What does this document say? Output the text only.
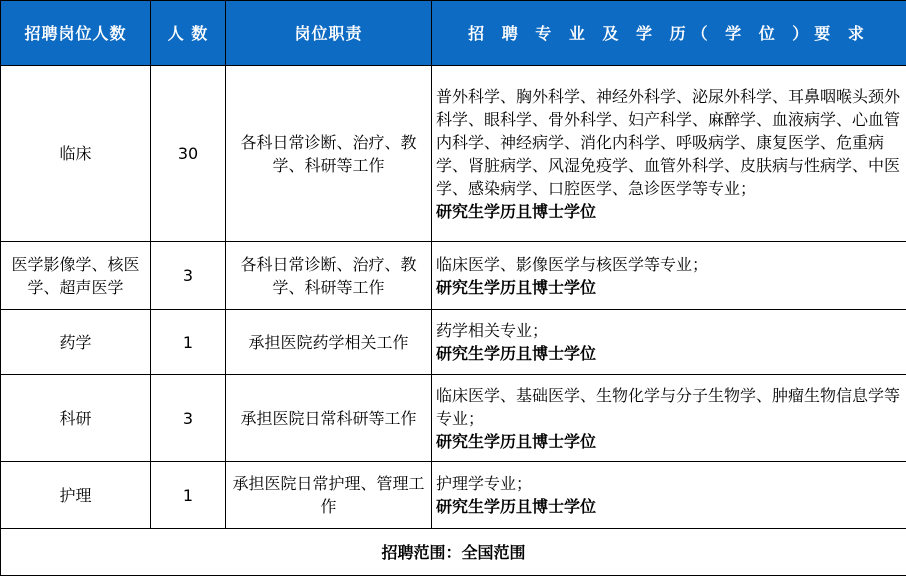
招聘岗位人数	人 数	岗位职责	招 聘 专 业 及 学 历（ 学 位 ）要 求
临床	30	各科日常诊断、治疗、教学、科研等工作	普外科学、胸外科学、神经外科学、泌尿外科学、耳鼻咽喉头颈外科学、眼科学、骨外科学、妇产科学、麻醉学、血液病学、心血管内科学、神经病学、消化内科学、呼吸病学、康复医学、危重病学、肾脏病学、风湿免疫学、血管外科学、皮肤病与性病学、中医学、感染病学、口腔医学、急诊医学等专业；
研究生学历且博士学位

医学影像学、核医学、超声医学	3	各科日常诊断、治疗、教学、科研等工作	临床医学、影像医学与核医学等专业；
研究生学历且博士学位

药学	1	承担医院药学相关工作	药学相关专业；
研究生学历且博士学位

科研	3	承担医院日常科研等工作	临床医学、基础医学、生物化学与分子生物学、肿瘤生物信息学等专业；
研究生学历且博士学位

护理	1	承担医院日常护理、管理工作	护理学专业；
研究生学历且博士学位

招聘范围：全国范围			
